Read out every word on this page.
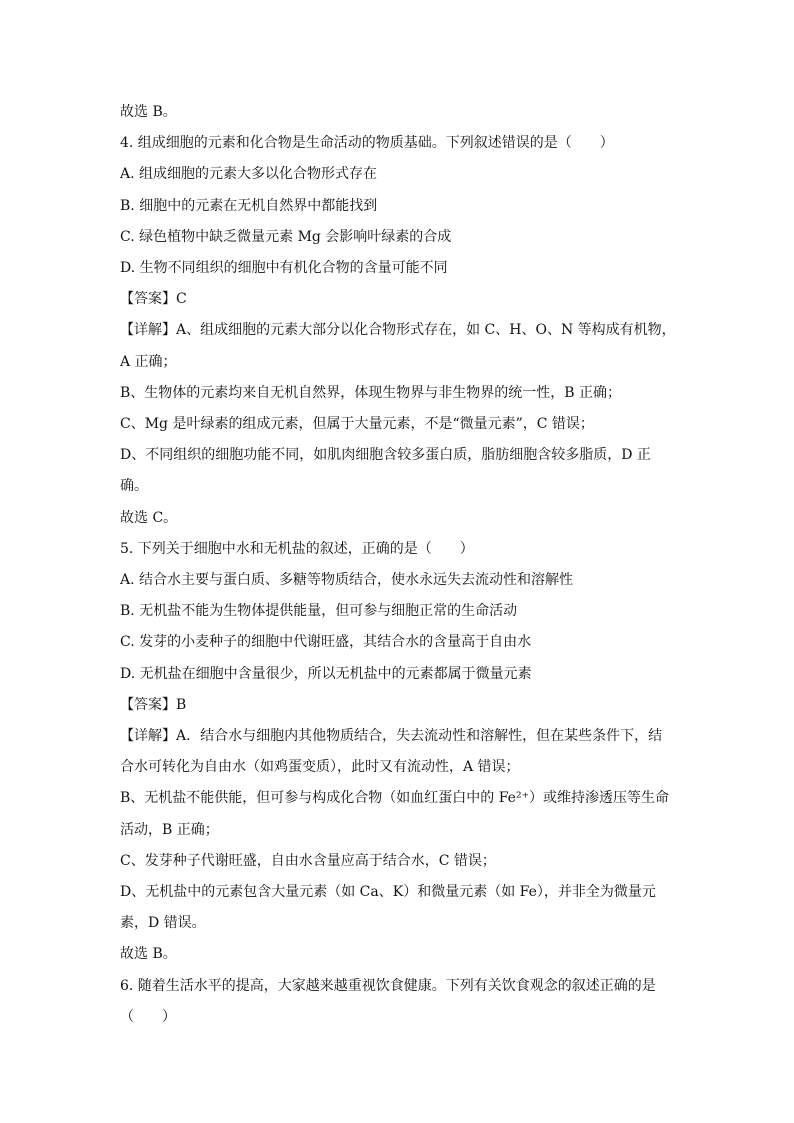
故选 B。
4. 组成细胞的元素和化合物是生命活动的物质基础。下列叙述错误的是（　　）
A. 组成细胞的元素大多以化合物形式存在
B. 细胞中的元素在无机自然界中都能找到
C. 绿色植物中缺乏微量元素 Mg 会影响叶绿素的合成
D. 生物不同组织的细胞中有机化合物的含量可能不同
【答案】C
【详解】A、组成细胞的元素大部分以化合物形式存在，如 C、H、O、N 等构成有机物，
A 正确；
B、生物体的元素均来自无机自然界，体现生物界与非生物界的统一性，B 正确；
C、Mg 是叶绿素的组成元素，但属于大量元素，不是“微量元素”，C 错误；
D、不同组织的细胞功能不同，如肌肉细胞含较多蛋白质，脂肪细胞含较多脂质，D 正
确。
故选 C。
5. 下列关于细胞中水和无机盐的叙述，正确的是（　　）
A. 结合水主要与蛋白质、多糖等物质结合，使水永远失去流动性和溶解性
B. 无机盐不能为生物体提供能量，但可参与细胞正常的生命活动
C. 发芽的小麦种子的细胞中代谢旺盛，其结合水的含量高于自由水
D. 无机盐在细胞中含量很少，所以无机盐中的元素都属于微量元素
【答案】B
【详解】A．结合水与细胞内其他物质结合，失去流动性和溶解性，但在某些条件下，结
合水可转化为自由水（如鸡蛋变质），此时又有流动性，A 错误；
B、无机盐不能供能，但可参与构成化合物（如血红蛋白中的 Fe²⁺）或维持渗透压等生命
活动，B 正确；
C、发芽种子代谢旺盛，自由水含量应高于结合水，C 错误；
D、无机盐中的元素包含大量元素（如 Ca、K）和微量元素（如 Fe），并非全为微量元
素，D 错误。
故选 B。
6. 随着生活水平的提高，大家越来越重视饮食健康。下列有关饮食观念的叙述正确的是
（　　）
